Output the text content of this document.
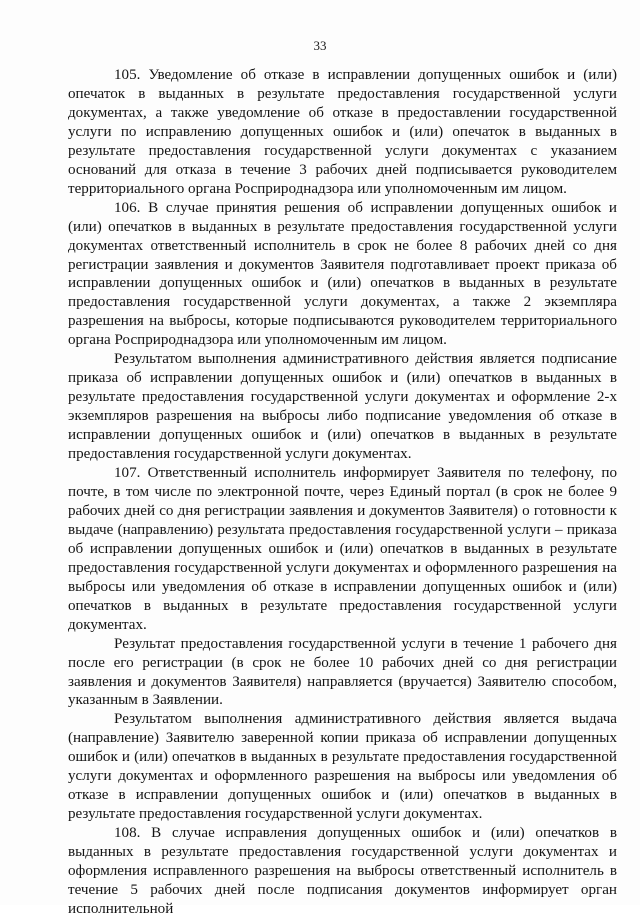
33

105. Уведомление об отказе в исправлении допущенных ошибок и (или) опечаток в выданных в результате предоставления государственной услуги документах, а также уведомление об отказе в предоставлении государственной услуги по исправлению допущенных ошибок и (или) опечаток в выданных в результате предоставления государственной услуги документах с указанием оснований для отказа в течение 3 рабочих дней подписывается руководителем территориального органа Росприроднадзора или уполномоченным им лицом.

106. В случае принятия решения об исправлении допущенных ошибок и (или) опечатков в выданных в результате предоставления государственной услуги документах ответственный исполнитель в срок не более 8 рабочих дней со дня регистрации заявления и документов Заявителя подготавливает проект приказа об исправлении допущенных ошибок и (или) опечатков в выданных в результате предоставления государственной услуги документах, а также 2 экземпляра разрешения на выбросы, которые подписываются руководителем территориального органа Росприроднадзора или уполномоченным им лицом.

Результатом выполнения административного действия является подписание приказа об исправлении допущенных ошибок и (или) опечатков в выданных в результате предоставления государственной услуги документах и оформление 2-х экземпляров разрешения на выбросы либо подписание уведомления об отказе в исправлении допущенных ошибок и (или) опечатков в выданных в результате предоставления государственной услуги документах.

107. Ответственный исполнитель информирует Заявителя по телефону, по почте, в том числе по электронной почте, через Единый портал (в срок не более 9 рабочих дней со дня регистрации заявления и документов Заявителя) о готовности к выдаче (направлению) результата предоставления государственной услуги – приказа об исправлении допущенных ошибок и (или) опечатков в выданных в результате предоставления государственной услуги документах и оформленного разрешения на выбросы или уведомления об отказе в исправлении допущенных ошибок и (или) опечатков в выданных в результате предоставления государственной услуги документах.

Результат предоставления государственной услуги в течение 1 рабочего дня после его регистрации (в срок не более 10 рабочих дней со дня регистрации заявления и документов Заявителя) направляется (вручается) Заявителю способом, указанным в Заявлении.

Результатом выполнения административного действия является выдача (направление) Заявителю заверенной копии приказа об исправлении допущенных ошибок и (или) опечатков в выданных в результате предоставления государственной услуги документах и оформленного разрешения на выбросы или уведомления об отказе в исправлении допущенных ошибок и (или) опечатков в выданных в результате предоставления государственной услуги документах.

108. В случае исправления допущенных ошибок и (или) опечатков в выданных в результате предоставления государственной услуги документах и оформления исправленного разрешения на выбросы ответственный исполнитель в течение 5 рабочих дней после подписания документов информирует орган исполнительной
